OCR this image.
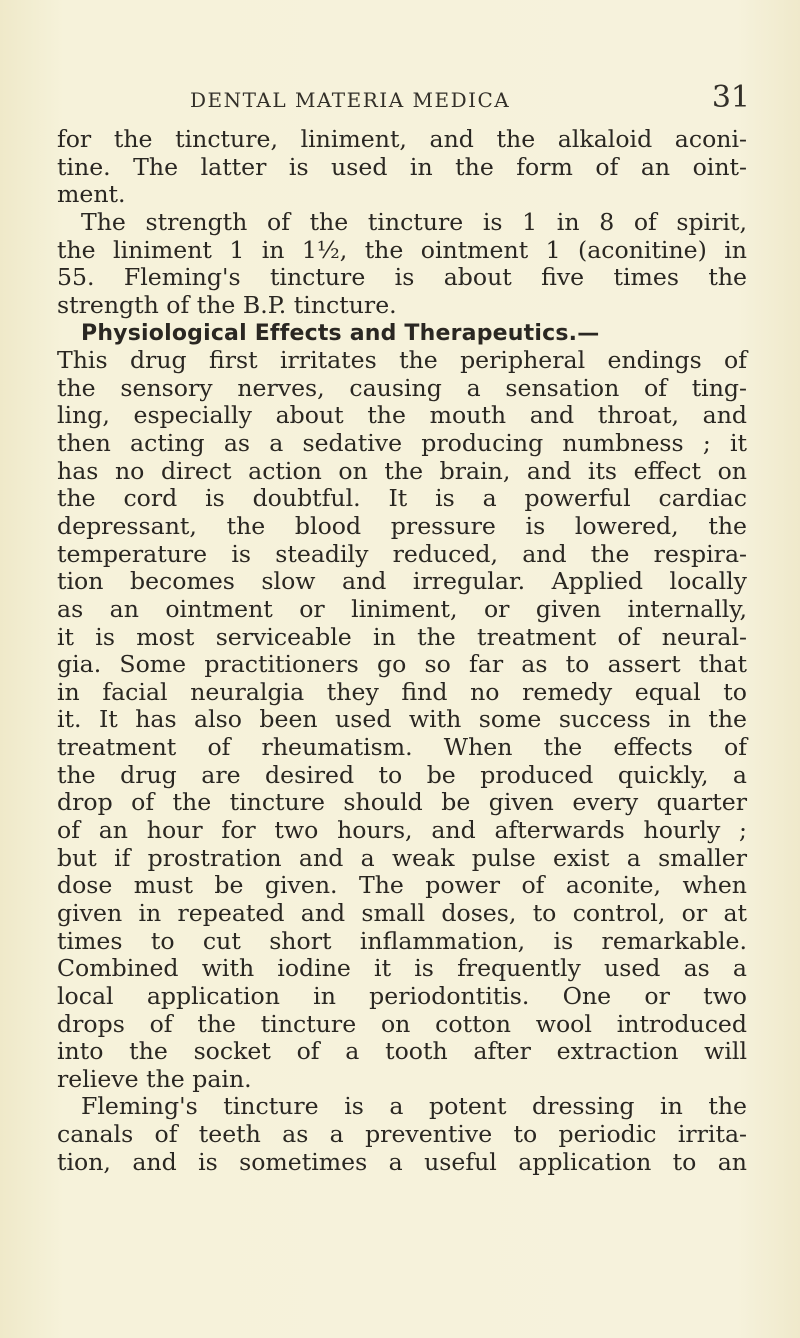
DENTAL MATERIA MEDICA	31
for the tincture, liniment, and the alkaloid aconi-
tine. The latter is used in the form of an oint-
ment.
The strength of the tincture is 1 in 8 of spirit,
the liniment 1 in 1½, the ointment 1 (aconitine) in
55. Fleming's tincture is about five times the
strength of the B.P. tincture.
Physiological Effects and Therapeutics.—
This drug first irritates the peripheral endings of
the sensory nerves, causing a sensation of ting-
ling, especially about the mouth and throat, and
then acting as a sedative producing numbness ; it
has no direct action on the brain, and its effect on
the cord is doubtful. It is a powerful cardiac
depressant, the blood pressure is lowered, the
temperature is steadily reduced, and the respira-
tion becomes slow and irregular. Applied locally
as an ointment or liniment, or given internally,
it is most serviceable in the treatment of neural-
gia. Some practitioners go so far as to assert that
in facial neuralgia they find no remedy equal to
it. It has also been used with some success in the
treatment of rheumatism. When the effects of
the drug are desired to be produced quickly, a
drop of the tincture should be given every quarter
of an hour for two hours, and afterwards hourly ;
but if prostration and a weak pulse exist a smaller
dose must be given. The power of aconite, when
given in repeated and small doses, to control, or at
times to cut short inflammation, is remarkable.
Combined with iodine it is frequently used as a
local application in periodontitis. One or two
drops of the tincture on cotton wool introduced
into the socket of a tooth after extraction will
relieve the pain.
Fleming's tincture is a potent dressing in the
canals of teeth as a preventive to periodic irrita-
tion, and is sometimes a useful application to an
